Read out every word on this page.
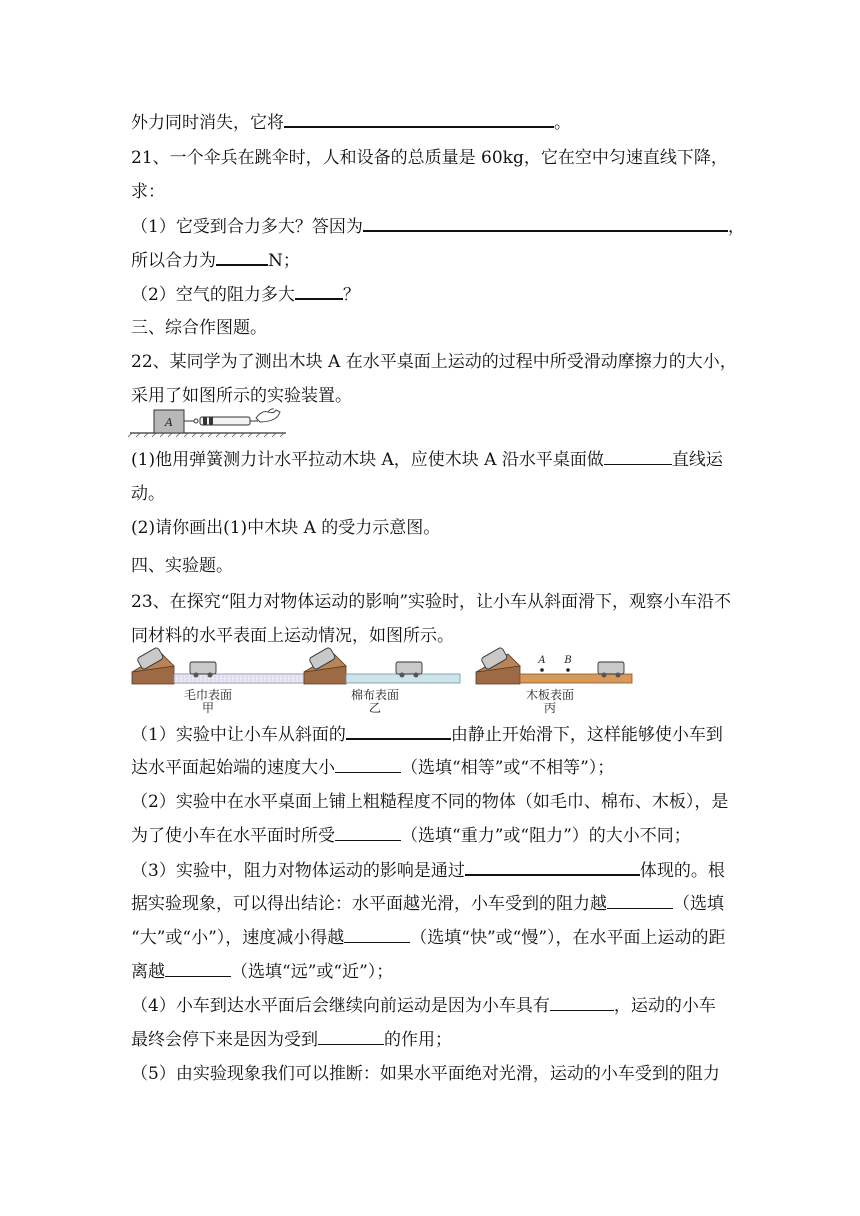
外力同时消失，它将	。
21、一个伞兵在跳伞时，人和设备的总质量是 60kg，它在空中匀速直线下降，
求：
（1）它受到合力多大？答因为	，
所以合力为	N；
（2）空气的阻力多大	？
三、综合作图题。
22、某同学为了测出木块 A 在水平桌面上运动的过程中所受滑动摩擦力的大小，
采用了如图所示的实验装置。
A
(1)他用弹簧测力计水平拉动木块 A，应使木块 A 沿水平桌面做	直线运
动。
(2)请你画出(1)中木块 A 的受力示意图。
四、实验题。
23、在探究“阻力对物体运动的影响”实验时，让小车从斜面滑下，观察小车沿不
同材料的水平表面上运动情况，如图所示。
A B
毛巾表面
甲
棉布表面
乙
木板表面
丙
（1）实验中让小车从斜面的	由静止开始滑下，这样能够使小车到
达水平面起始端的速度大小	（选填“相等”或“不相等”）；
（2）实验中在水平桌面上铺上粗糙程度不同的物体（如毛巾、棉布、木板），是
为了使小车在水平面时所受	（选填“重力”或“阻力”）的大小不同；
（3）实验中，阻力对物体运动的影响是通过	体现的。根
据实验现象，可以得出结论：水平面越光滑，小车受到的阻力越	（选填
“大”或“小”），速度减小得越	（选填“快”或“慢”），在水平面上运动的距
离越	（选填“远”或“近”）；
（4）小车到达水平面后会继续向前运动是因为小车具有	，运动的小车
最终会停下来是因为受到	的作用；
（5）由实验现象我们可以推断：如果水平面绝对光滑，运动的小车受到的阻力
